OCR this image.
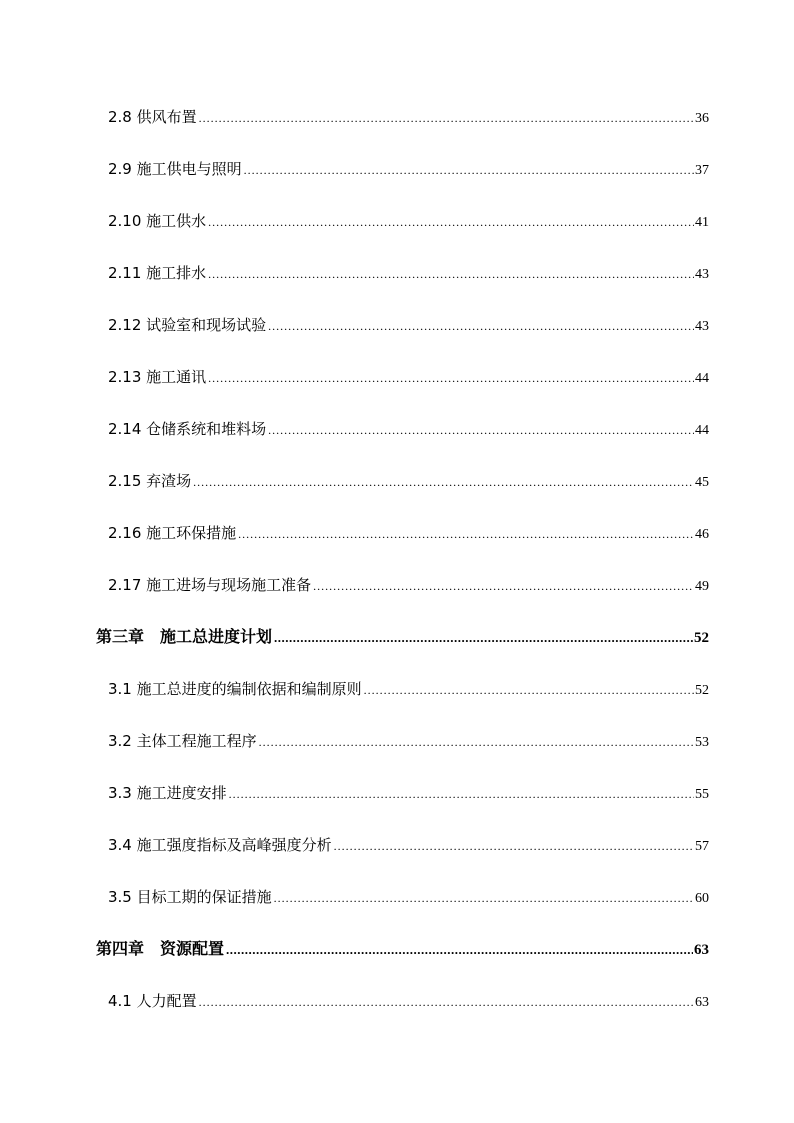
2.8 供风布置 .....	36
2.9 施工供电与照明 .....	37
2.10 施工供水 .....	41
2.11 施工排水 .....	43
2.12 试验室和现场试验 .....	43
2.13 施工通讯 .....	44
2.14 仓储系统和堆料场 .....	44
2.15 弃渣场 .....	45
2.16 施工环保措施 .....	46
2.17 施工进场与现场施工准备 .....	49
第三章　施工总进度计划 .....	52
3.1 施工总进度的编制依据和编制原则 .....	52
3.2 主体工程施工程序 .....	53
3.3 施工进度安排 .....	55
3.4 施工强度指标及高峰强度分析 .....	57
3.5 目标工期的保证措施 .....	60
第四章　资源配置 .....	63
4.1 人力配置 .....	63
